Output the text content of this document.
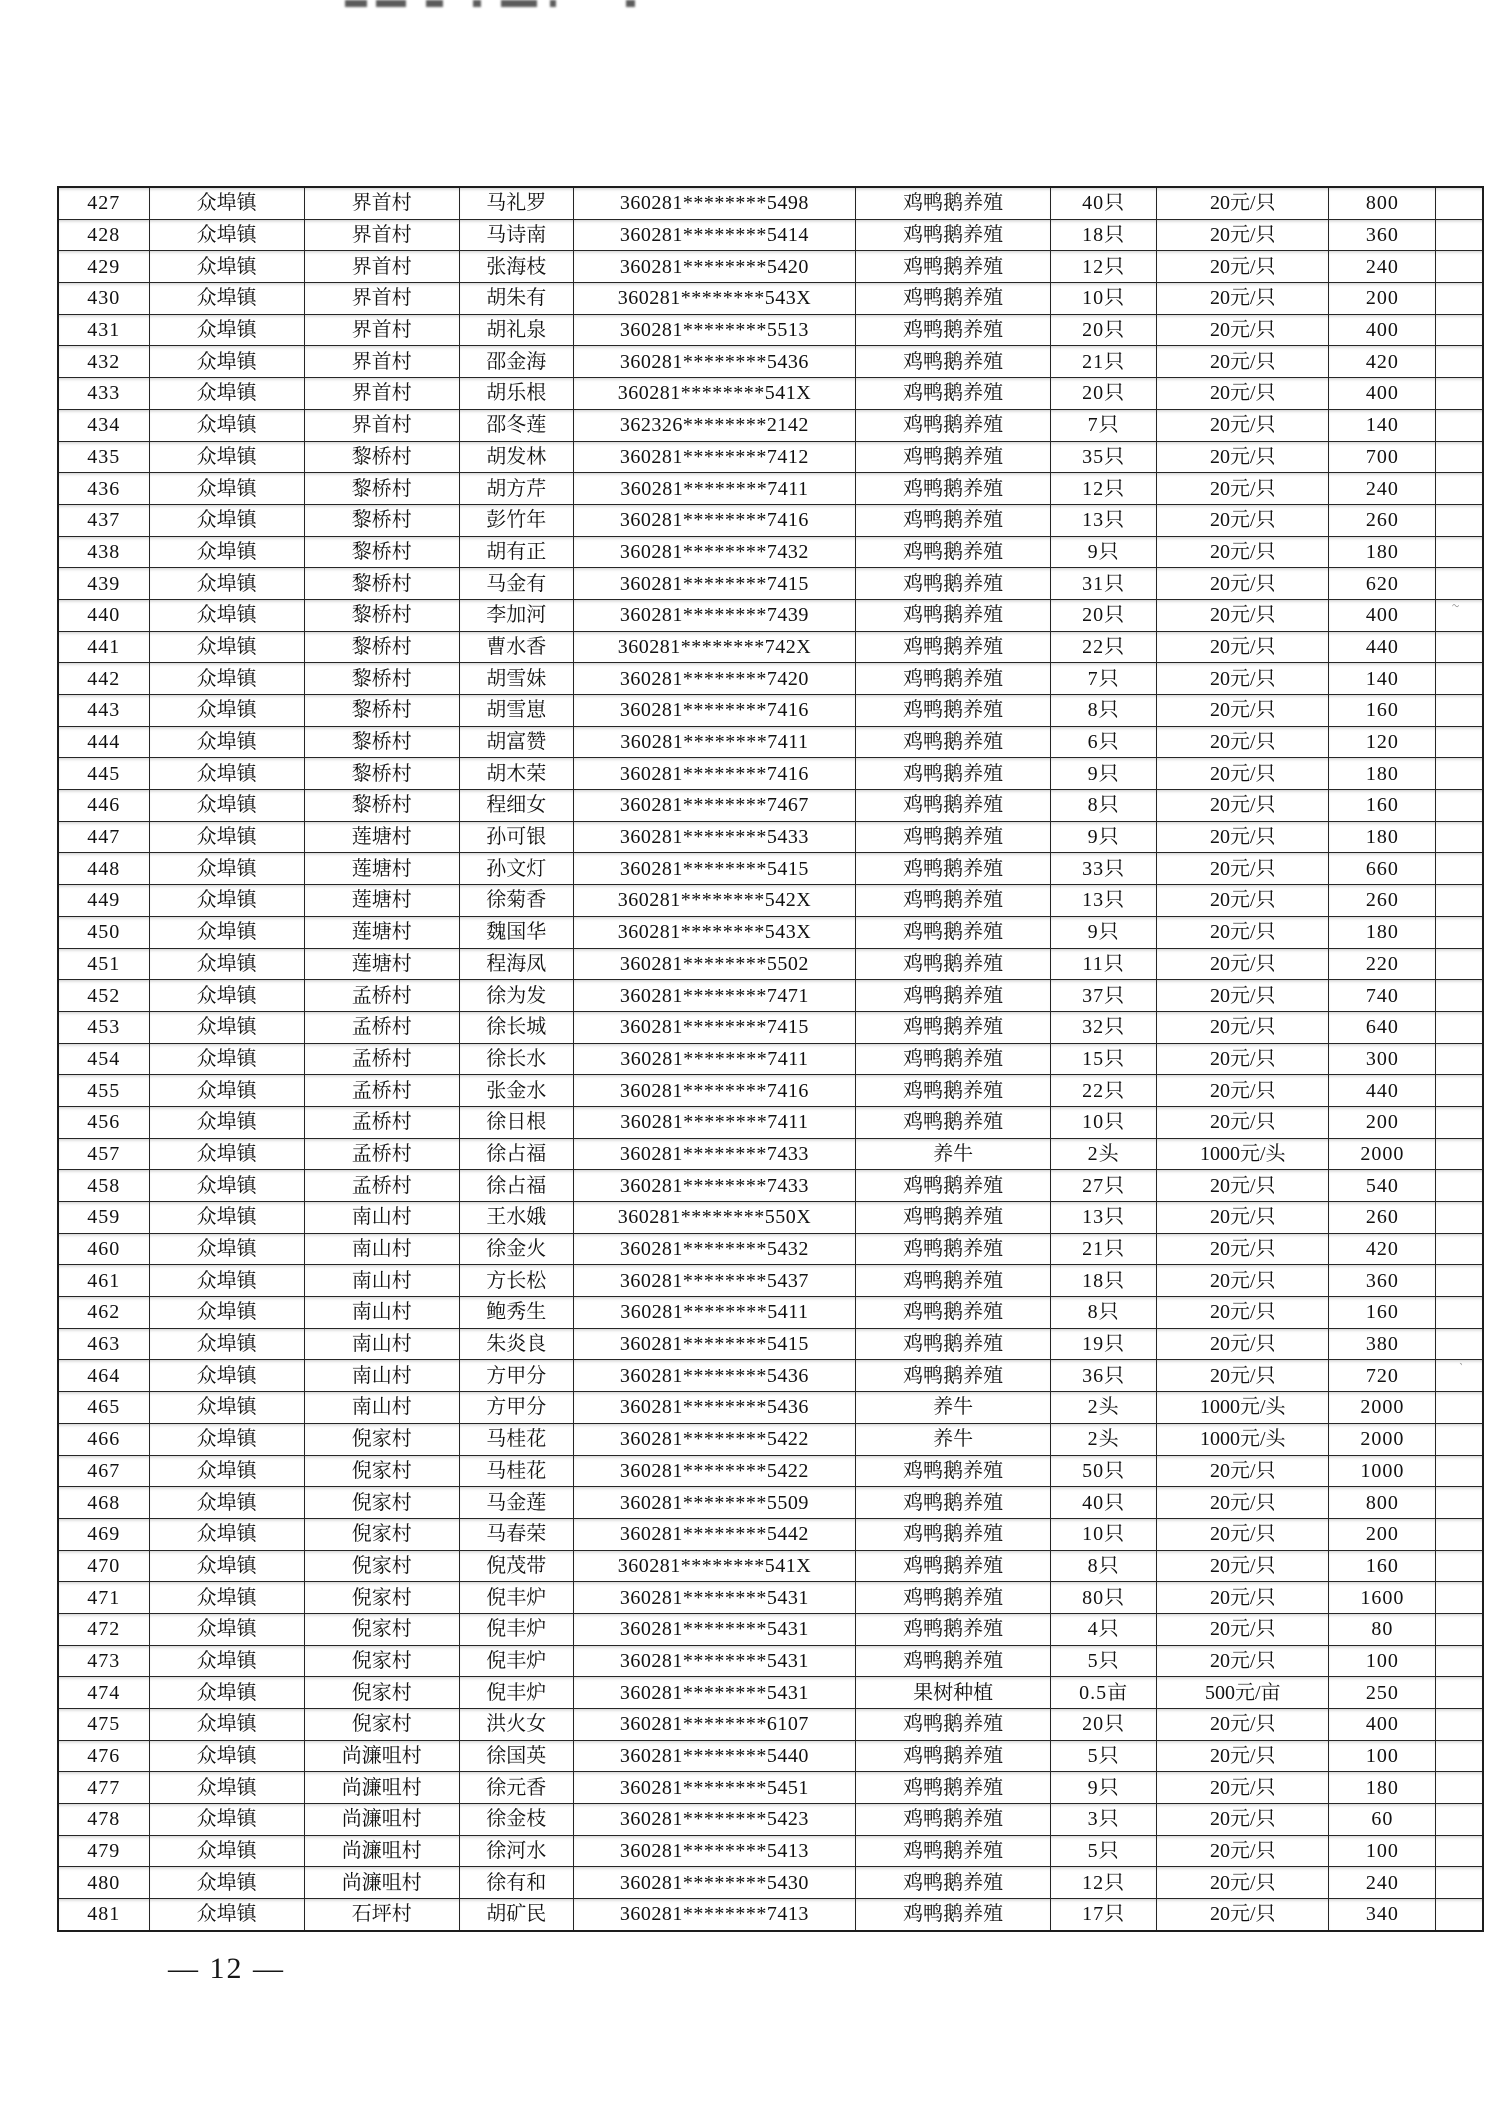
427	众埠镇	界首村	马礼罗	360281********5498	鸡鸭鹅养殖	40只	20元/只	800	
428	众埠镇	界首村	马诗南	360281********5414	鸡鸭鹅养殖	18只	20元/只	360	
429	众埠镇	界首村	张海枝	360281********5420	鸡鸭鹅养殖	12只	20元/只	240	
430	众埠镇	界首村	胡朱有	360281********543X	鸡鸭鹅养殖	10只	20元/只	200	
431	众埠镇	界首村	胡礼泉	360281********5513	鸡鸭鹅养殖	20只	20元/只	400	
432	众埠镇	界首村	邵金海	360281********5436	鸡鸭鹅养殖	21只	20元/只	420	
433	众埠镇	界首村	胡乐根	360281********541X	鸡鸭鹅养殖	20只	20元/只	400	
434	众埠镇	界首村	邵冬莲	362326********2142	鸡鸭鹅养殖	7只	20元/只	140	
435	众埠镇	黎桥村	胡发林	360281********7412	鸡鸭鹅养殖	35只	20元/只	700	
436	众埠镇	黎桥村	胡方芹	360281********7411	鸡鸭鹅养殖	12只	20元/只	240	
437	众埠镇	黎桥村	彭竹年	360281********7416	鸡鸭鹅养殖	13只	20元/只	260	
438	众埠镇	黎桥村	胡有正	360281********7432	鸡鸭鹅养殖	9只	20元/只	180	
439	众埠镇	黎桥村	马金有	360281********7415	鸡鸭鹅养殖	31只	20元/只	620	
440	众埠镇	黎桥村	李加河	360281********7439	鸡鸭鹅养殖	20只	20元/只	400	
441	众埠镇	黎桥村	曹水香	360281********742X	鸡鸭鹅养殖	22只	20元/只	440	
442	众埠镇	黎桥村	胡雪妹	360281********7420	鸡鸭鹅养殖	7只	20元/只	140	
443	众埠镇	黎桥村	胡雪崽	360281********7416	鸡鸭鹅养殖	8只	20元/只	160	
444	众埠镇	黎桥村	胡富赞	360281********7411	鸡鸭鹅养殖	6只	20元/只	120	
445	众埠镇	黎桥村	胡木荣	360281********7416	鸡鸭鹅养殖	9只	20元/只	180	
446	众埠镇	黎桥村	程细女	360281********7467	鸡鸭鹅养殖	8只	20元/只	160	
447	众埠镇	莲塘村	孙可银	360281********5433	鸡鸭鹅养殖	9只	20元/只	180	
448	众埠镇	莲塘村	孙文灯	360281********5415	鸡鸭鹅养殖	33只	20元/只	660	
449	众埠镇	莲塘村	徐菊香	360281********542X	鸡鸭鹅养殖	13只	20元/只	260	
450	众埠镇	莲塘村	魏国华	360281********543X	鸡鸭鹅养殖	9只	20元/只	180	
451	众埠镇	莲塘村	程海凤	360281********5502	鸡鸭鹅养殖	11只	20元/只	220	
452	众埠镇	孟桥村	徐为发	360281********7471	鸡鸭鹅养殖	37只	20元/只	740	
453	众埠镇	孟桥村	徐长城	360281********7415	鸡鸭鹅养殖	32只	20元/只	640	
454	众埠镇	孟桥村	徐长水	360281********7411	鸡鸭鹅养殖	15只	20元/只	300	
455	众埠镇	孟桥村	张金水	360281********7416	鸡鸭鹅养殖	22只	20元/只	440	
456	众埠镇	孟桥村	徐日根	360281********7411	鸡鸭鹅养殖	10只	20元/只	200	
457	众埠镇	孟桥村	徐占福	360281********7433	养牛	2头	1000元/头	2000	
458	众埠镇	孟桥村	徐占福	360281********7433	鸡鸭鹅养殖	27只	20元/只	540	
459	众埠镇	南山村	王水娥	360281********550X	鸡鸭鹅养殖	13只	20元/只	260	
460	众埠镇	南山村	徐金火	360281********5432	鸡鸭鹅养殖	21只	20元/只	420	
461	众埠镇	南山村	方长松	360281********5437	鸡鸭鹅养殖	18只	20元/只	360	
462	众埠镇	南山村	鲍秀生	360281********5411	鸡鸭鹅养殖	8只	20元/只	160	
463	众埠镇	南山村	朱炎良	360281********5415	鸡鸭鹅养殖	19只	20元/只	380	
464	众埠镇	南山村	方甲分	360281********5436	鸡鸭鹅养殖	36只	20元/只	720	
465	众埠镇	南山村	方甲分	360281********5436	养牛	2头	1000元/头	2000	
466	众埠镇	倪家村	马桂花	360281********5422	养牛	2头	1000元/头	2000	
467	众埠镇	倪家村	马桂花	360281********5422	鸡鸭鹅养殖	50只	20元/只	1000	
468	众埠镇	倪家村	马金莲	360281********5509	鸡鸭鹅养殖	40只	20元/只	800	
469	众埠镇	倪家村	马春荣	360281********5442	鸡鸭鹅养殖	10只	20元/只	200	
470	众埠镇	倪家村	倪茂带	360281********541X	鸡鸭鹅养殖	8只	20元/只	160	
471	众埠镇	倪家村	倪丰炉	360281********5431	鸡鸭鹅养殖	80只	20元/只	1600	
472	众埠镇	倪家村	倪丰炉	360281********5431	鸡鸭鹅养殖	4只	20元/只	80	
473	众埠镇	倪家村	倪丰炉	360281********5431	鸡鸭鹅养殖	5只	20元/只	100	
474	众埠镇	倪家村	倪丰炉	360281********5431	果树种植	0.5亩	500元/亩	250	
475	众埠镇	倪家村	洪火女	360281********6107	鸡鸭鹅养殖	20只	20元/只	400	
476	众埠镇	尚濂咀村	徐国英	360281********5440	鸡鸭鹅养殖	5只	20元/只	100	
477	众埠镇	尚濂咀村	徐元香	360281********5451	鸡鸭鹅养殖	9只	20元/只	180	
478	众埠镇	尚濂咀村	徐金枝	360281********5423	鸡鸭鹅养殖	3只	20元/只	60	
479	众埠镇	尚濂咀村	徐河水	360281********5413	鸡鸭鹅养殖	5只	20元/只	100	
480	众埠镇	尚濂咀村	徐有和	360281********5430	鸡鸭鹅养殖	12只	20元/只	240	
481	众埠镇	石坪村	胡矿民	360281********7413	鸡鸭鹅养殖	17只	20元/只	340	
~
`
— 12 —
